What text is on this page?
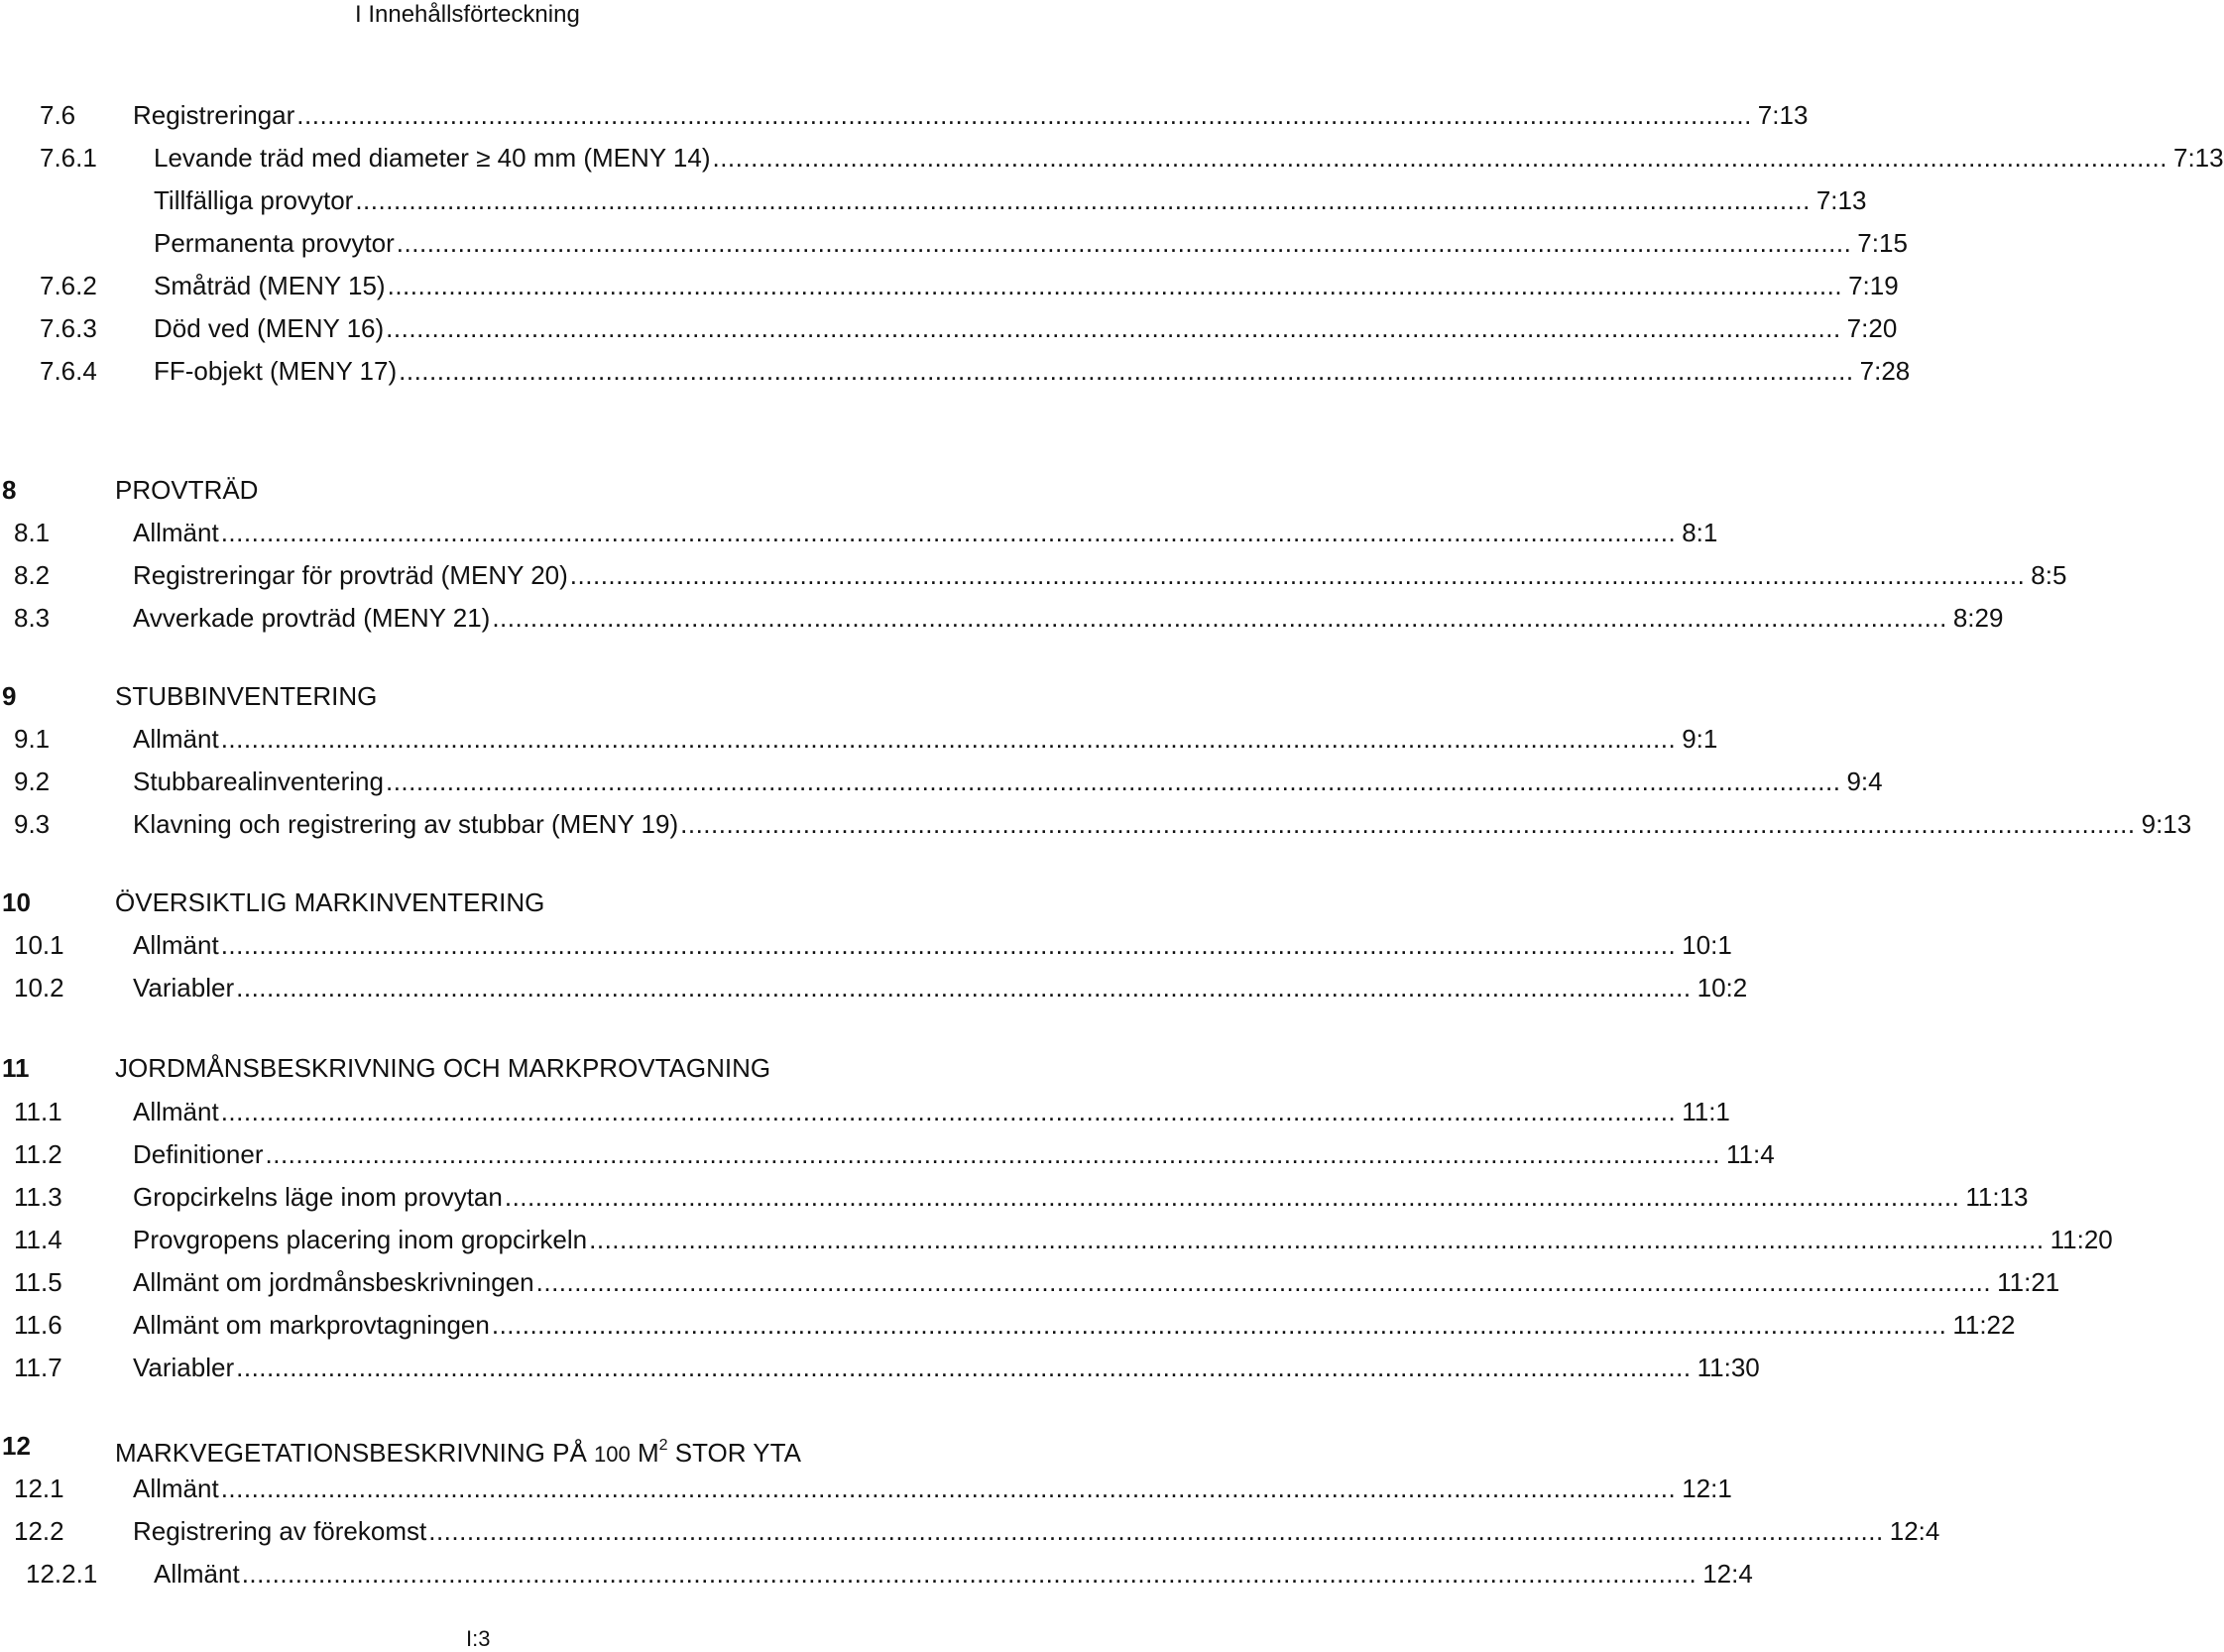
I Innehållsförteckning
7.6 Registreringar .............................................................................................................................................................................................. 7:13
7.6.1 Levande träd med diameter ≥ 40 mm (MENY 14) .............................................................................................................................................................................................. 7:13
Tillfälliga provytor .............................................................................................................................................................................................. 7:13
Permanenta provytor .............................................................................................................................................................................................. 7:15
7.6.2 Småträd (MENY 15) .............................................................................................................................................................................................. 7:19
7.6.3 Död ved (MENY 16) .............................................................................................................................................................................................. 7:20
7.6.4 FF-objekt (MENY 17) .............................................................................................................................................................................................. 7:28
8	PROVTRÄD
8.1	Allmänt .............................................................................................................................................................................................. 8:1
8.2	Registreringar för provträd (MENY 20) .............................................................................................................................................................................................. 8:5
8.3	Avverkade provträd (MENY 21) .............................................................................................................................................................................................. 8:29
9	STUBBINVENTERING
9.1	Allmänt .............................................................................................................................................................................................. 9:1
9.2	Stubbarealinventering .............................................................................................................................................................................................. 9:4
9.3	Klavning och registrering av stubbar (MENY 19) .............................................................................................................................................................................................. 9:13
10	ÖVERSIKTLIG MARKINVENTERING
10.1	Allmänt .............................................................................................................................................................................................. 10:1
10.2	Variabler .............................................................................................................................................................................................. 10:2
11	JORDMÅNSBESKRIVNING OCH MARKPROVTAGNING
11.1	Allmänt .............................................................................................................................................................................................. 11:1
11.2	Definitioner .............................................................................................................................................................................................. 11:4
11.3	Gropcirkelns läge inom provytan .............................................................................................................................................................................................. 11:13
11.4	Provgropens placering inom gropcirkeln .............................................................................................................................................................................................. 11:20
11.5	Allmänt om jordmånsbeskrivningen .............................................................................................................................................................................................. 11:21
11.6	Allmänt om markprovtagningen .............................................................................................................................................................................................. 11:22
11.7	Variabler .............................................................................................................................................................................................. 11:30
12	MARKVEGETATIONSBESKRIVNING PÅ 100 $M^2$ STOR YTA
12.1	Allmänt .............................................................................................................................................................................................. 12:1
12.2	Registrering av förekomst .............................................................................................................................................................................................. 12:4
12.2.1 Allmänt .............................................................................................................................................................................................. 12:4
I:3
